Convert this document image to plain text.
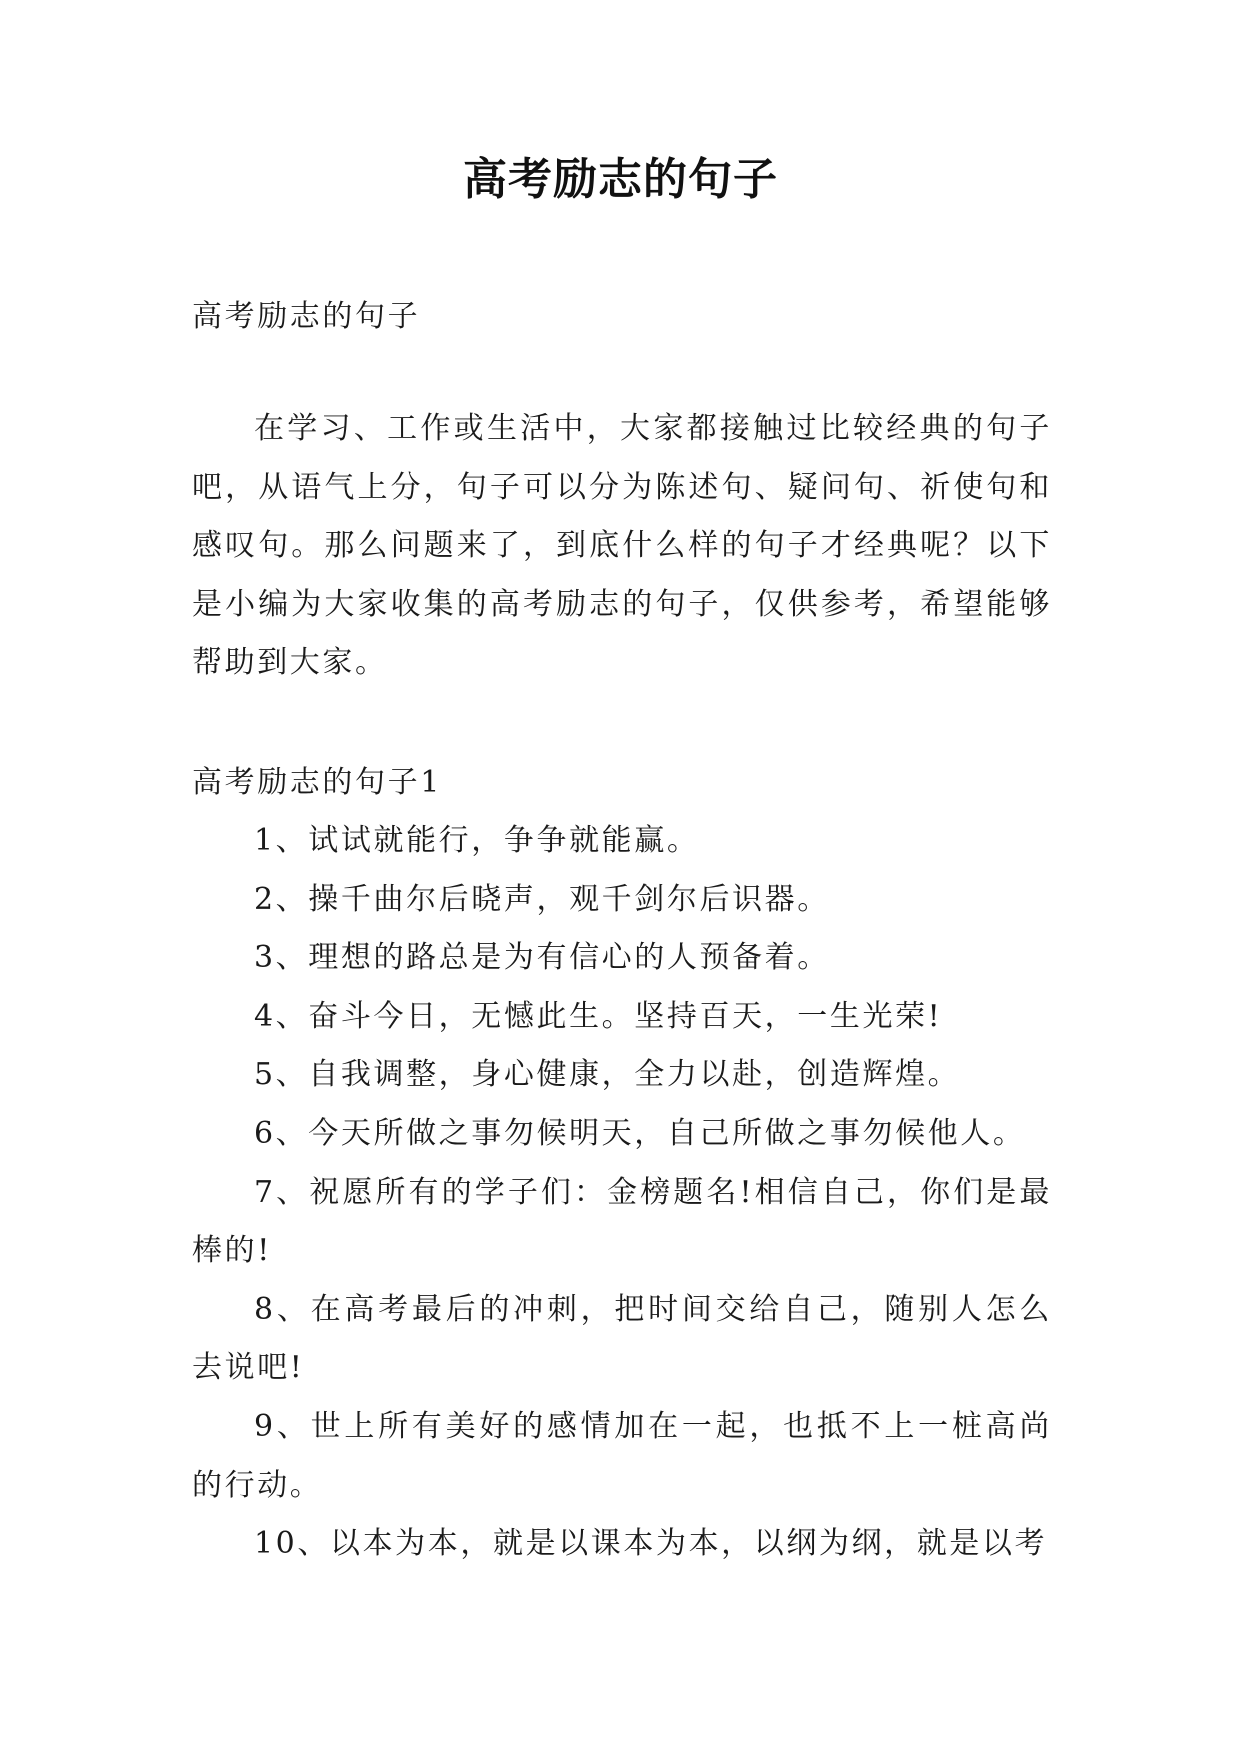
高考励志的句子
高考励志的句子
在学习、工作或生活中，大家都接触过比较经典的句子吧，从语气上分，句子可以分为陈述句、疑问句、祈使句和感叹句。那么问题来了，到底什么样的句子才经典呢？以下是小编为大家收集的高考励志的句子，仅供参考，希望能够帮助到大家。
高考励志的句子1
1、试试就能行，争争就能赢。
2、操千曲尔后晓声，观千剑尔后识器。
3、理想的路总是为有信心的人预备着。
4、奋斗今日，无憾此生。坚持百天，一生光荣!
5、自我调整，身心健康，全力以赴，创造辉煌。
6、今天所做之事勿候明天，自己所做之事勿候他人。
7、祝愿所有的学子们：金榜题名!相信自己，你们是最棒的!
8、在高考最后的冲刺，把时间交给自己，随别人怎么去说吧!
9、世上所有美好的感情加在一起，也抵不上一桩高尚的行动。
10、以本为本，就是以课本为本，以纲为纲，就是以考
